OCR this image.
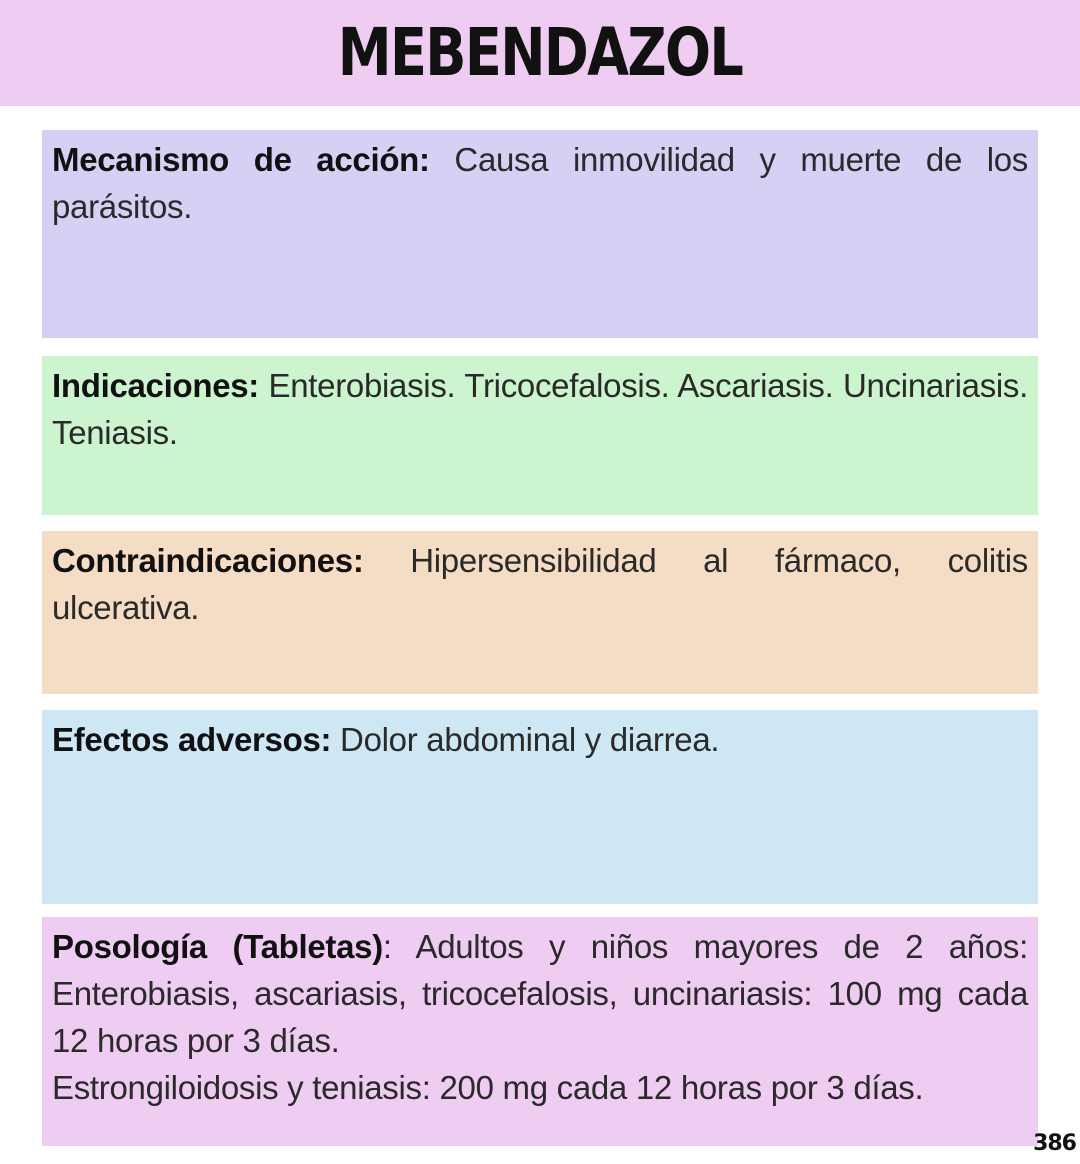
MEBENDAZOL

Mecanismo de acción: Causa inmovilidad y muerte de los parásitos.

Indicaciones: Enterobiasis. Tricocefalosis. Ascariasis. Uncinariasis. Teniasis.

Contraindicaciones: Hipersensibilidad al fármaco, colitis ulcerativa.

Efectos adversos: Dolor abdominal y diarrea.

Posología (Tabletas): Adultos y niños mayores de 2 años: Enterobiasis, ascariasis, tricocefalosis, uncinariasis: 100 mg cada 12 horas por 3 días.

Estrongiloidosis y teniasis: 200 mg cada 12 horas por 3 días.

386
